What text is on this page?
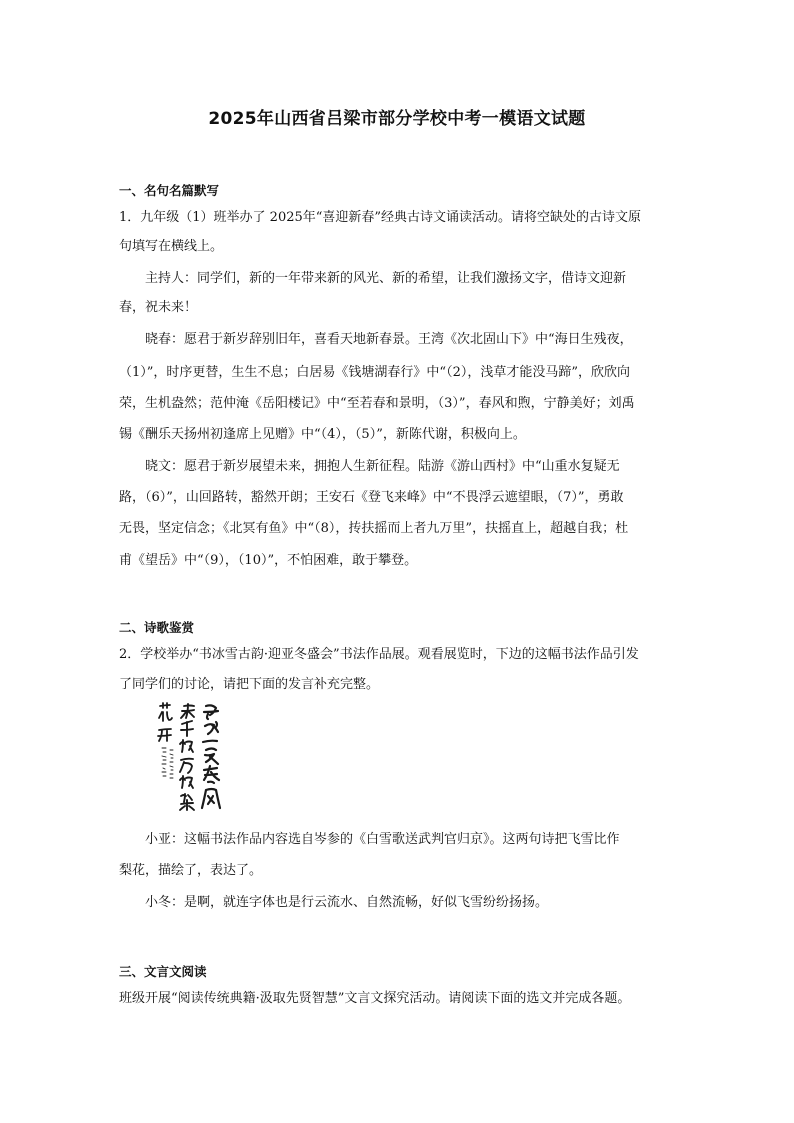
2025年山西省吕梁市部分学校中考一模语文试题
一、名句名篇默写
1．九年级（1）班举办了 2025年“喜迎新春”经典古诗文诵读活动。请将空缺处的古诗文原
句填写在横线上。
主持人：同学们，新的一年带来新的风光、新的希望，让我们激扬文字，借诗文迎新
春，祝未来！
晓春：愿君于新岁辞别旧年，喜看天地新春景。王湾《次北固山下》中“海日生残夜，
（1）”，时序更替，生生不息；白居易《钱塘湖春行》中“（2），浅草才能没马蹄”，欣欣向
荣，生机盎然；范仲淹《岳阳楼记》中“至若春和景明，（3）”，春风和煦，宁静美好；刘禹
锡《酬乐天扬州初逢席上见赠》中“（4），（5）”，新陈代谢，积极向上。
晓文：愿君于新岁展望未来，拥抱人生新征程。陆游《游山西村》中“山重水复疑无
路，（6）”，山回路转，豁然开朗；王安石《登飞来峰》中“不畏浮云遮望眼，（7）”，勇敢
无畏，坚定信念；《北冥有鱼》中“（8），抟扶摇而上者九万里”，扶摇直上，超越自我；杜
甫《望岳》中“（9），（10）”，不怕困难，敢于攀登。
二、诗歌鉴赏
2．学校举办“书冰雪古韵·迎亚冬盛会”书法作品展。观看展览时，下边的这幅书法作品引发
了同学们的讨论，请把下面的发言补充完整。
小亚：这幅书法作品内容选自岑参的《白雪歌送武判官归京》。这两句诗把飞雪比作
梨花，描绘了，表达了。
小冬：是啊，就连字体也是行云流水、自然流畅，好似飞雪纷纷扬扬。
三、文言文阅读
班级开展“阅读传统典籍·汲取先贤智慧”文言文探究活动。请阅读下面的选文并完成各题。
